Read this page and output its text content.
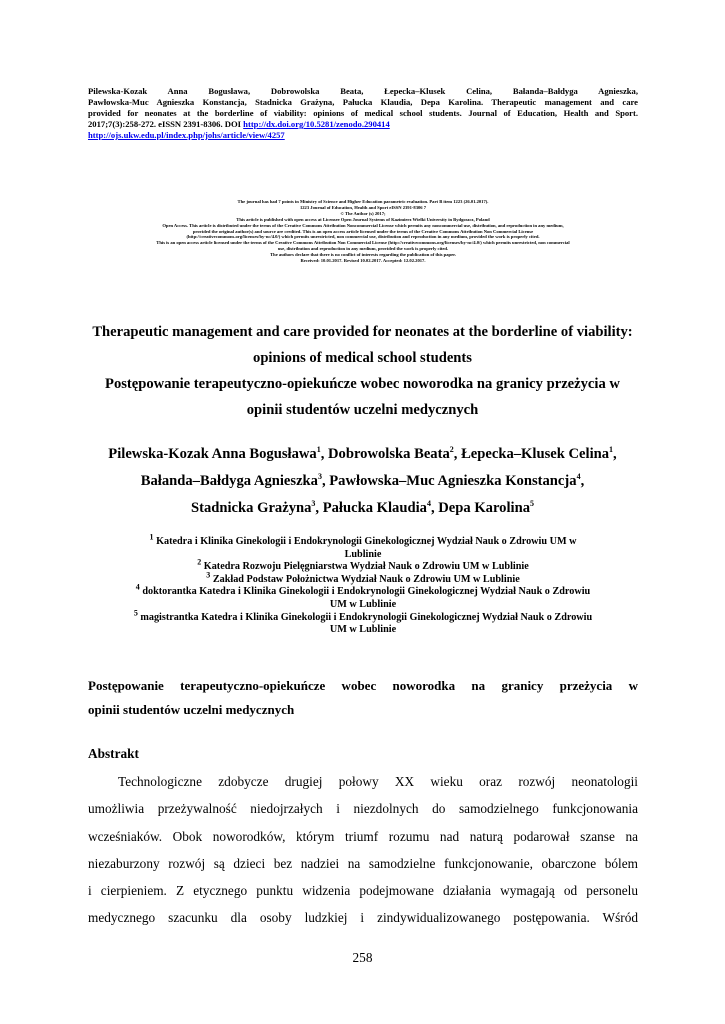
Pilewska-Kozak Anna Bogusława, Dobrowolska Beata, Łepecka–Klusek Celina, Bałanda–Bałdyga Agnieszka,
Pawłowska-Muc Agnieszka Konstancja, Stadnicka Grażyna, Pałucka Klaudia, Depa Karolina. Therapeutic management and care
provided for neonates at the borderline of viability: opinions of medical school students. Journal of Education, Health and Sport.
2017;7(3):258-272. eISSN 2391-8306. DOI http://dx.doi.org/10.5281/zenodo.290414
http://ojs.ukw.edu.pl/index.php/johs/article/view/4257
The journal has had 7 points in Ministry of Science and Higher Education parametric evaluation. Part B item 1223 (26.01.2017).
1223 Journal of Education, Health and Sport eISSN 2391-8306 7
© The Author (s) 2017;
This article is published with open access at Licensee Open Journal Systems of Kazimierz Wielki University in Bydgoszcz, Poland
Open Access. This article is distributed under the terms of the Creative Commons Attribution Noncommercial License which permits any noncommercial use, distribution, and reproduction in any medium,
provided the original author(s) and source are credited. This is an open access article licensed under the terms of the Creative Commons Attribution Non Commercial License
(http://creativecommons.org/licenses/by-nc/4.0/) which permits unrestricted, non commercial use, distribution and reproduction in any medium, provided the work is properly cited.
This is an open access article licensed under the terms of the Creative Commons Attribution Non Commercial License (http://creativecommons.org/licenses/by-nc/4.0/) which permits unrestricted, non commercial
use, distribution and reproduction in any medium, provided the work is properly cited.
The authors declare that there is no conflict of interests regarding the publication of this paper.
Received: 10.01.2017. Revised 10.02.2017. Accepted: 12.02.2017.
Therapeutic management and care provided for neonates at the borderline of viability:
opinions of medical school students
Postępowanie terapeutyczno-opiekuńcze wobec noworodka na granicy przeżycia w
opinii studentów uczelni medycznych
Pilewska-Kozak Anna Bogusława$^1$, Dobrowolska Beata$^2$, Łepecka–Klusek Celina$^1$,
Bałanda–Bałdyga Agnieszka$^3$, Pawłowska–Muc Agnieszka Konstancja$^4$,
Stadnicka Grażyna$^3$, Pałucka Klaudia$^4$, Depa Karolina$^5$
$^1$ Katedra i Klinika Ginekologii i Endokrynologii Ginekologicznej Wydział Nauk o Zdrowiu UM w
Lublinie
$^2$ Katedra Rozwoju Pielęgniarstwa Wydział Nauk o Zdrowiu UM w Lublinie
$^3$ Zakład Podstaw Położnictwa Wydział Nauk o Zdrowiu UM w Lublinie
$^4$ doktorantka Katedra i Klinika Ginekologii i Endokrynologii Ginekologicznej Wydział Nauk o Zdrowiu
UM w Lublinie
$^5$ magistrantka Katedra i Klinika Ginekologii i Endokrynologii Ginekologicznej Wydział Nauk o Zdrowiu
UM w Lublinie
Postępowanie terapeutyczno-opiekuńcze wobec noworodka na granicy przeżycia w
opinii studentów uczelni medycznych
Abstrakt
Technologiczne zdobycze drugiej połowy XX wieku oraz rozwój neonatologii
umożliwia przeżywalność niedojrzałych i niezdolnych do samodzielnego funkcjonowania
wcześniaków. Obok noworodków, którym triumf rozumu nad naturą podarował szanse na
niezaburzony rozwój są dzieci bez nadziei na samodzielne funkcjonowanie, obarczone bólem
i cierpieniem. Z etycznego punktu widzenia podejmowane działania wymagają od personelu
medycznego szacunku dla osoby ludzkiej i zindywidualizowanego postępowania. Wśród
258
